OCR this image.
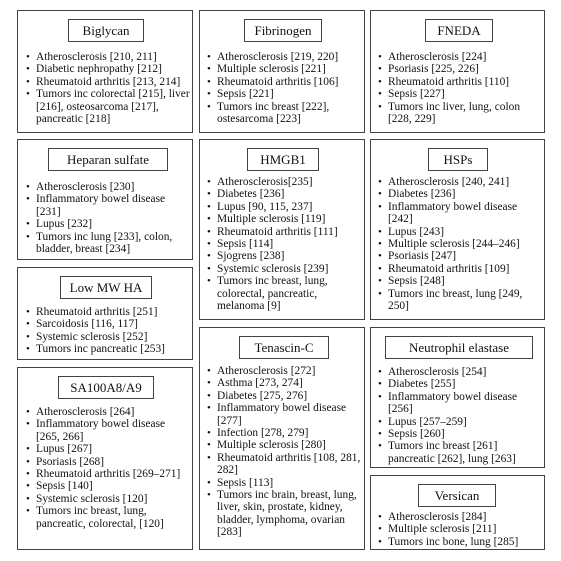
Biglycan
• Atherosclerosis [210, 211]
• Diabetic nephropathy [212]
• Rheumatoid arthritis [213, 214]
• Tumors inc colorectal [215], liver [216], osteosarcoma [217], pancreatic [218]
Heparan sulfate
• Atherosclerosis [230]
• Inflammatory bowel disease [231]
• Lupus [232]
• Tumors inc lung [233], colon, bladder, breast [234]
Low MW HA
• Rheumatoid arthritis [251]
• Sarcoidosis [116, 117]
• Systemic sclerosis [252]
• Tumors inc pancreatic [253]
SA100A8/A9
• Atherosclerosis [264]
• Inflammatory bowel disease [265, 266]
• Lupus [267]
• Psoriasis [268]
• Rheumatoid arthritis [269–271]
• Sepsis [140]
• Systemic sclerosis [120]
• Tumors inc breast, lung, pancreatic, colorectal, [120]
Fibrinogen
• Atherosclerosis [219, 220]
• Multiple sclerosis [221]
• Rheumatoid arthritis [106]
• Sepsis [221]
• Tumors inc breast [222], ostesarcoma [223]
HMGB1
• Atherosclerosis[235]
• Diabetes [236]
• Lupus [90, 115, 237]
• Multiple sclerosis [119]
• Rheumatoid arthritis [111]
• Sepsis [114]
• Sjogrens [238]
• Systemic sclerosis [239]
• Tumors inc breast, lung, colorectal, pancreatic, melanoma [9]
Tenascin-C
• Atherosclerosis [272]
• Asthma [273, 274]
• Diabetes [275, 276]
• Inflammatory bowel disease [277]
• Infection [278, 279]
• Multiple sclerosis [280]
• Rheumatoid arthritis [108, 281, 282]
• Sepsis [113]
• Tumors inc brain, breast, lung, liver, skin, prostate, kidney, bladder, lymphoma, ovarian [283]
FNEDA
• Atherosclerosis [224]
• Psoriasis [225, 226]
• Rheumatoid arthritis [110]
• Sepsis [227]
• Tumors inc liver, lung, colon [228, 229]
HSPs
• Atherosclerosis [240, 241]
• Diabetes [236]
• Inflammatory bowel disease [242]
• Lupus [243]
• Multiple sclerosis [244–246]
• Psoriasis [247]
• Rheumatoid arthritis [109]
• Sepsis [248]
• Tumors inc breast, lung [249, 250]
Neutrophil elastase
• Atherosclerosis [254]
• Diabetes [255]
• Inflammatory bowel disease [256]
• Lupus [257–259]
• Sepsis [260]
• Tumors inc breast [261] pancreatic [262], lung [263]
Versican
• Atherosclerosis [284]
• Multiple sclerosis [211]
• Tumors inc bone, lung [285]
